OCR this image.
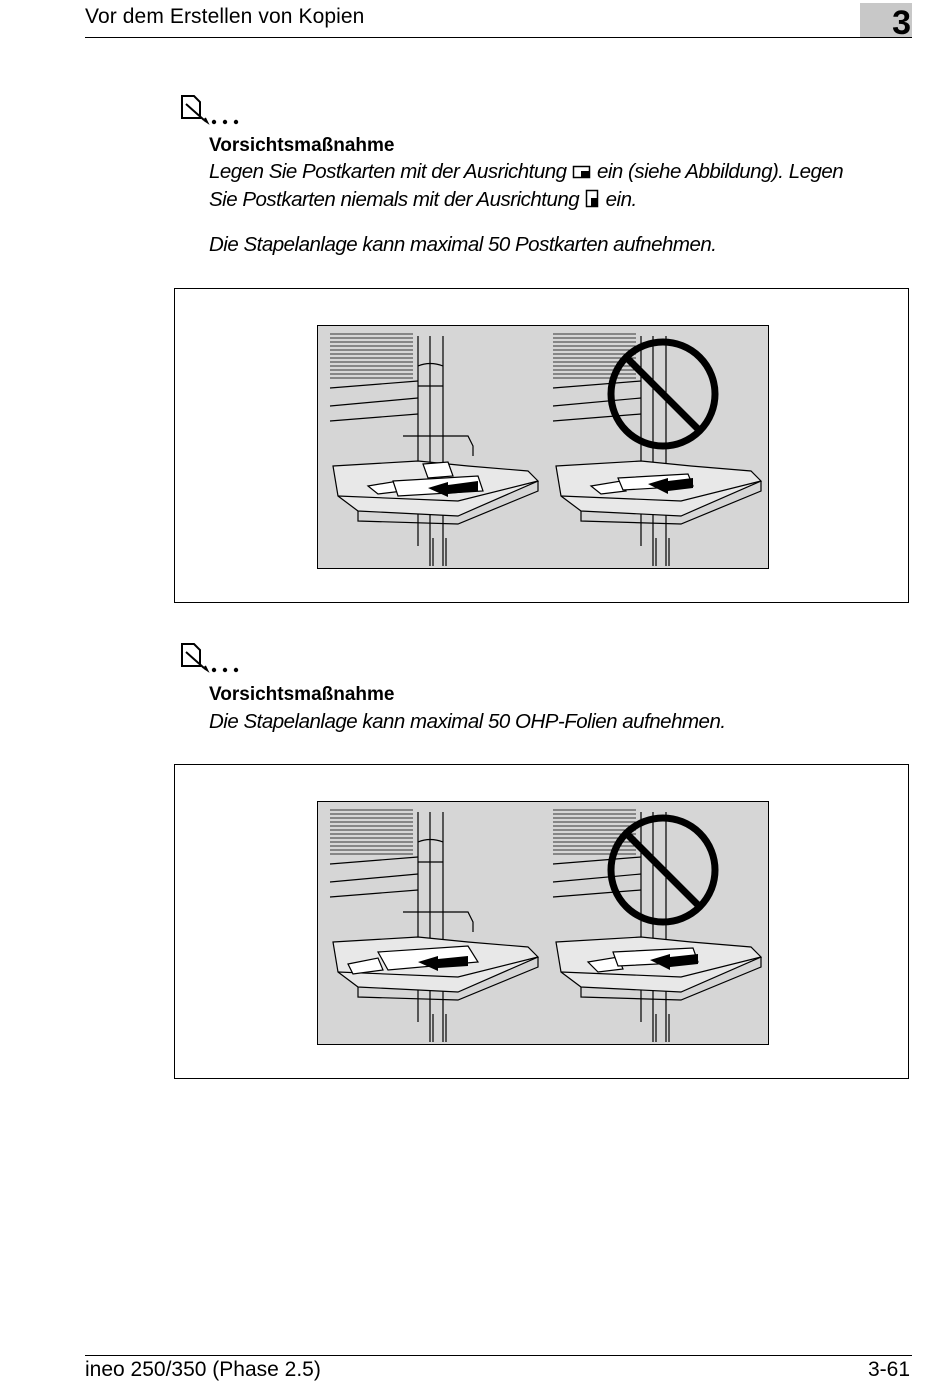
Vor dem Erstellen von Kopien	3
Vorsichtsmaßnahme

Legen Sie Postkarten mit der Ausrichtung ein (siehe Abbildung). Legen

Sie Postkarten niemals mit der Ausrichtung ein.

Die Stapelanlage kann maximal 50 Postkarten aufnehmen.

Vorsichtsmaßnahme

Die Stapelanlage kann maximal 50 OHP-Folien aufnehmen.

ineo 250/350 (Phase 2.5)	3-61
